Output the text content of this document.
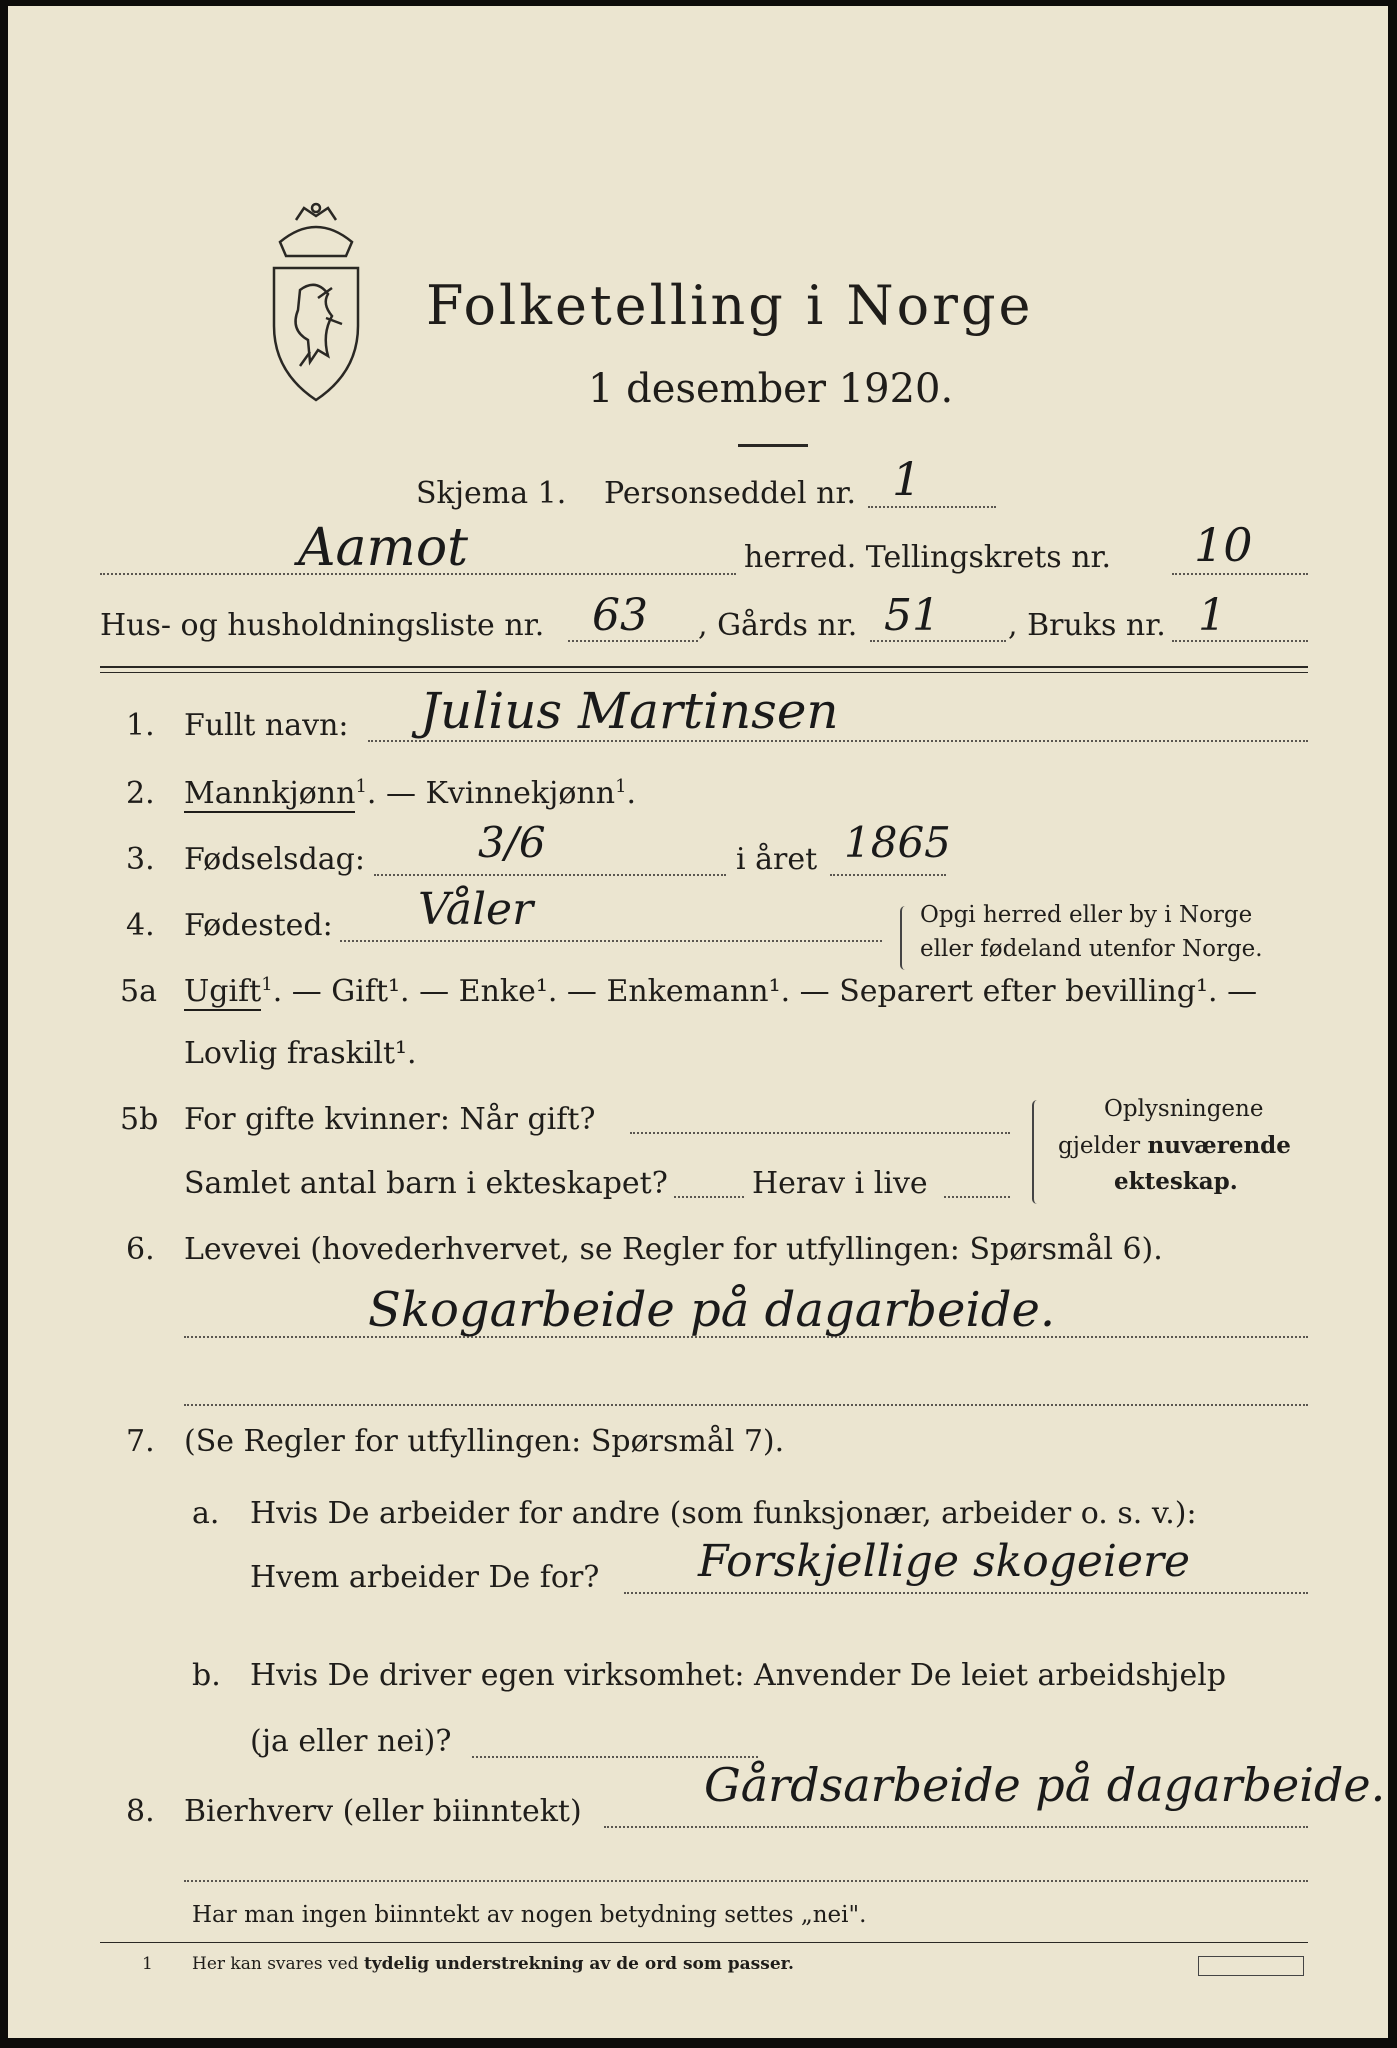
Folketelling i Norge
1 desember 1920.
Skjema 1. Personseddel nr. 1
Aamot	herred. Tellingskrets nr. 10
Hus- og husholdningsliste nr. 63 , Gårds nr. 51 , Bruks nr. 1
1. Fullt navn: Julius Martinsen
2. Mannkjønn$^1$. — Kvinnekjønn$^1$.
3. Fødselsdag:	3/6	i året 1865
4. Fødested: Våler	Opgi herred eller by i Norge
eller fødeland utenfor Norge.
5a Ugift$^1$. — Gift¹. — Enke¹. — Enkemann¹. — Separert efter bevilling¹. —
Lovlig fraskilt¹.
5b For gifte kvinner: Når gift?
Samlet antal barn i ekteskapet?	Herav i live
Oplysningene
gjelder nuværende
ekteskap.
6. Levevei (hovederhvervet, se Regler for utfyllingen: Spørsmål 6).
Skogarbeide på dagarbeide.
7. (Se Regler for utfyllingen: Spørsmål 7).
a. Hvis De arbeider for andre (som funksjonær, arbeider o. s. v.):
Hvem arbeider De for? Forskjellige skogeiere
b. Hvis De driver egen virksomhet: Anvender De leiet arbeidshjelp
(ja eller nei)?
8. Bierhverv (eller biinntekt)	Gårdsarbeide på dagarbeide.
Har man ingen biinntekt av nogen betydning settes „nei".
1 Her kan svares ved tydelig understrekning av de ord som passer.
